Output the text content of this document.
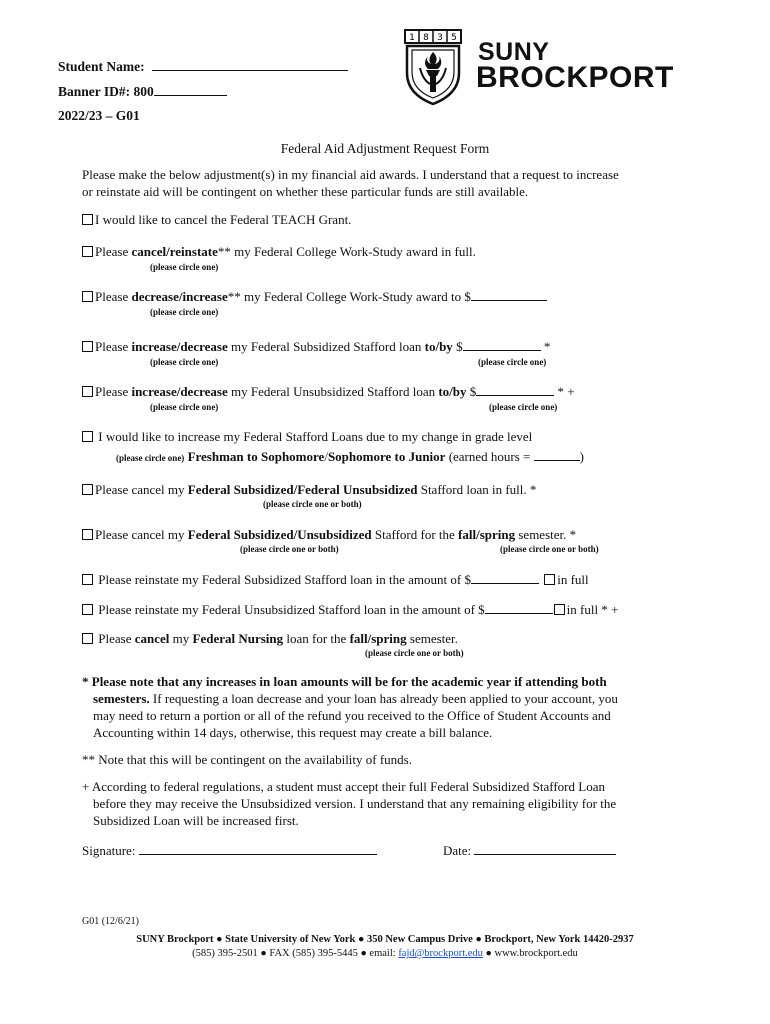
Student Name:
Banner ID#: 800
2022/23 – G01
1 8 3 5 SUNY
BROCKPORT
Federal Aid Adjustment Request Form
Please make the below adjustment(s) in my financial aid awards. I understand that a request to increase
or reinstate aid will be contingent on whether these particular funds are still available.
I would like to cancel the Federal TEACH Grant.
Please cancel/reinstate** my Federal College Work-Study award in full.
(please circle one)
Please decrease/increase** my Federal College Work-Study award to $
(please circle one)
Please increase/decrease my Federal Subsidized Stafford loan to/by $	*
(please circle one)	(please circle one)
Please increase/decrease my Federal Unsubsidized Stafford loan to/by $	* +
(please circle one)	(please circle one)
I would like to increase my Federal Stafford Loans due to my change in grade level
(please circle one) Freshman to Sophomore/Sophomore to Junior (earned hours =	)
Please cancel my Federal Subsidized/Federal Unsubsidized Stafford loan in full. *
(please circle one or both)
Please cancel my Federal Subsidized/Unsubsidized Stafford for the fall/spring semester. *
(please circle one or both)	(please circle one or both)
Please reinstate my Federal Subsidized Stafford loan in the amount of $	in full
Please reinstate my Federal Unsubsidized Stafford loan in the amount of $	in full * +
Please cancel my Federal Nursing loan for the fall/spring semester.
(please circle one or both)
* Please note that any increases in loan amounts will be for the academic year if attending both
semesters. If requesting a loan decrease and your loan has already been applied to your account, you
may need to return a portion or all of the refund you received to the Office of Student Accounts and
Accounting within 14 days, otherwise, this request may create a bill balance.
** Note that this will be contingent on the availability of funds.
+ According to federal regulations, a student must accept their full Federal Subsidized Stafford Loan
before they may receive the Unsubsidized version. I understand that any remaining eligibility for the
Subsidized Loan will be increased first.
Signature:	Date:
G01 (12/6/21)
SUNY Brockport ● State University of New York ● 350 New Campus Drive ● Brockport, New York 14420-2937
(585) 395-2501 ● FAX (585) 395-5445 ● email: fajd@brockport.edu ● www.brockport.edu
